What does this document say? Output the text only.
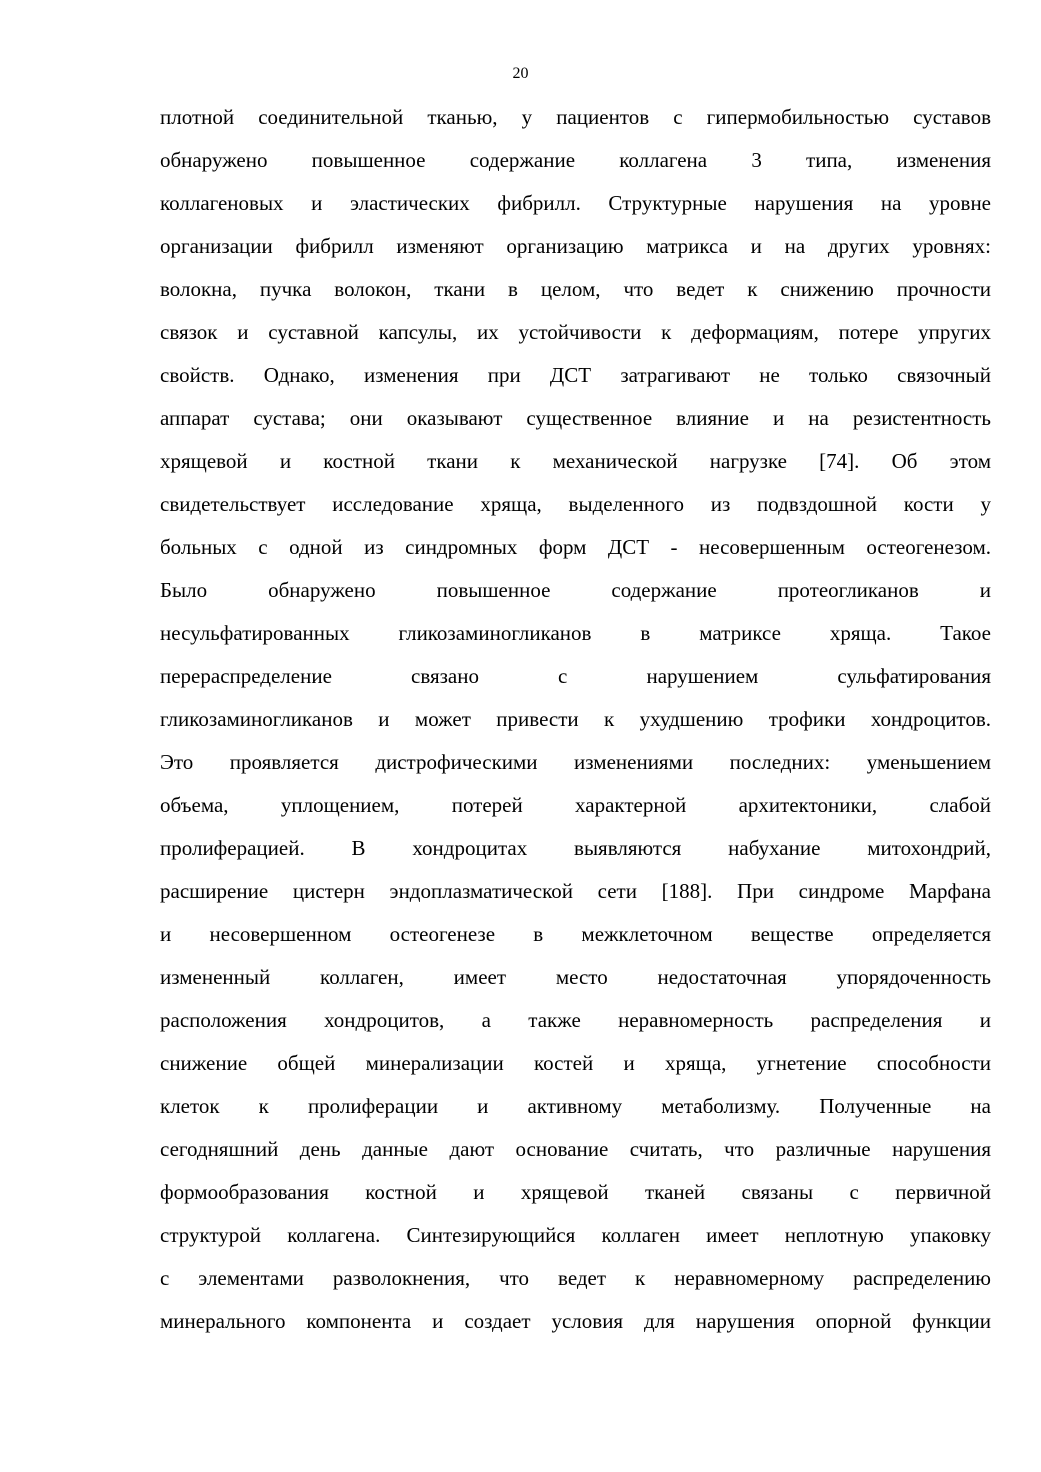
20
плотной соединительной тканью, у пациентов с гипермобильностью суставов
обнаружено повышенное содержание коллагена 3 типа, изменения
коллагеновых и эластических фибрилл. Структурные нарушения на уровне
организации фибрилл изменяют организацию матрикса и на других уровнях:
волокна, пучка волокон, ткани в целом, что ведет к снижению прочности
связок и суставной капсулы, их устойчивости к деформациям, потере упругих
свойств. Однако, изменения при ДСТ затрагивают не только связочный
аппарат сустава; они оказывают существенное влияние и на резистентность
хрящевой и костной ткани к механической нагрузке [74]. Об этом
свидетельствует исследование хряща, выделенного из подвздошной кости у
больных с одной из синдромных форм ДСТ - несовершенным остеогенезом.
Было обнаружено повышенное содержание протеогликанов и
несульфатированных гликозаминогликанов в матриксе хряща. Такое
перераспределение связано с нарушением сульфатирования
гликозаминогликанов и может привести к ухудшению трофики хондроцитов.
Это проявляется дистрофическими изменениями последних: уменьшением
объема, уплощением, потерей характерной архитектоники, слабой
пролиферацией. В хондроцитах выявляются набухание митохондрий,
расширение цистерн эндоплазматической сети [188]. При синдроме Марфана
и несовершенном остеогенезе в межклеточном веществе определяется
измененный коллаген, имеет место недостаточная упорядоченность
расположения хондроцитов, а также неравномерность распределения и
снижение общей минерализации костей и хряща, угнетение способности
клеток к пролиферации и активному метаболизму. Полученные на
сегодняшний день данные дают основание считать, что различные нарушения
формообразования костной и хрящевой тканей связаны с первичной
структурой коллагена. Синтезирующийся коллаген имеет неплотную упаковку
с элементами разволокнения, что ведет к неравномерному распределению
минерального компонента и создает условия для нарушения опорной функции
